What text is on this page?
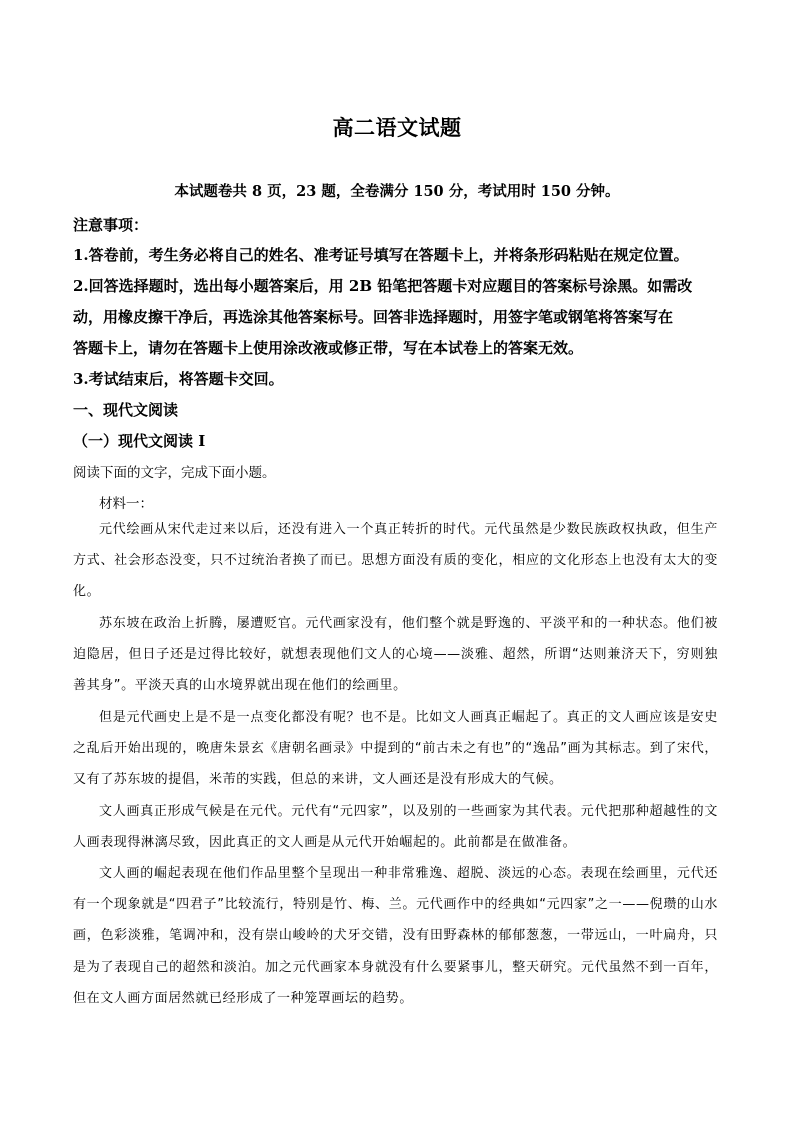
高二语文试题
本试题卷共 8 页，23 题，全卷满分 150 分，考试用时 150 分钟。
注意事项：
1.答卷前，考生务必将自己的姓名、准考证号填写在答题卡上，并将条形码粘贴在规定位置。
2.回答选择题时，选出每小题答案后，用 2B 铅笔把答题卡对应题目的答案标号涂黑。如需改
动，用橡皮擦干净后，再选涂其他答案标号。回答非选择题时，用签字笔或钢笔将答案写在
答题卡上，请勿在答题卡上使用涂改液或修正带，写在本试卷上的答案无效。
3.考试结束后，将答题卡交回。
一、现代文阅读
（一）现代文阅读 I
阅读下面的文字，完成下面小题。
材料一：
元代绘画从宋代走过来以后，还没有进入一个真正转折的时代。元代虽然是少数民族政权执政，但生产方式、社会形态没变，只不过统治者换了而已。思想方面没有质的变化，相应的文化形态上也没有太大的变化。
苏东坡在政治上折腾，屡遭贬官。元代画家没有，他们整个就是野逸的、平淡平和的一种状态。他们被迫隐居，但日子还是过得比较好，就想表现他们文人的心境——淡雅、超然，所谓“达则兼济天下，穷则独善其身”。平淡天真的山水境界就出现在他们的绘画里。
但是元代画史上是不是一点变化都没有呢？也不是。比如文人画真正崛起了。真正的文人画应该是安史之乱后开始出现的，晚唐朱景玄《唐朝名画录》中提到的“前古未之有也”的“逸品”画为其标志。到了宋代，又有了苏东坡的提倡，米芾的实践，但总的来讲，文人画还是没有形成大的气候。
文人画真正形成气候是在元代。元代有“元四家”，以及别的一些画家为其代表。元代把那种超越性的文人画表现得淋漓尽致，因此真正的文人画是从元代开始崛起的。此前都是在做准备。
文人画的崛起表现在他们作品里整个呈现出一种非常雅逸、超脱、淡远的心态。表现在绘画里，元代还有一个现象就是“四君子”比较流行，特别是竹、梅、兰。元代画作中的经典如“元四家”之一——倪瓒的山水画，色彩淡雅，笔调冲和，没有崇山峻岭的犬牙交错，没有田野森林的郁郁葱葱，一带远山，一叶扁舟，只是为了表现自己的超然和淡泊。加之元代画家本身就没有什么要紧事儿，整天研究。元代虽然不到一百年，但在文人画方面居然就已经形成了一种笼罩画坛的趋势。
